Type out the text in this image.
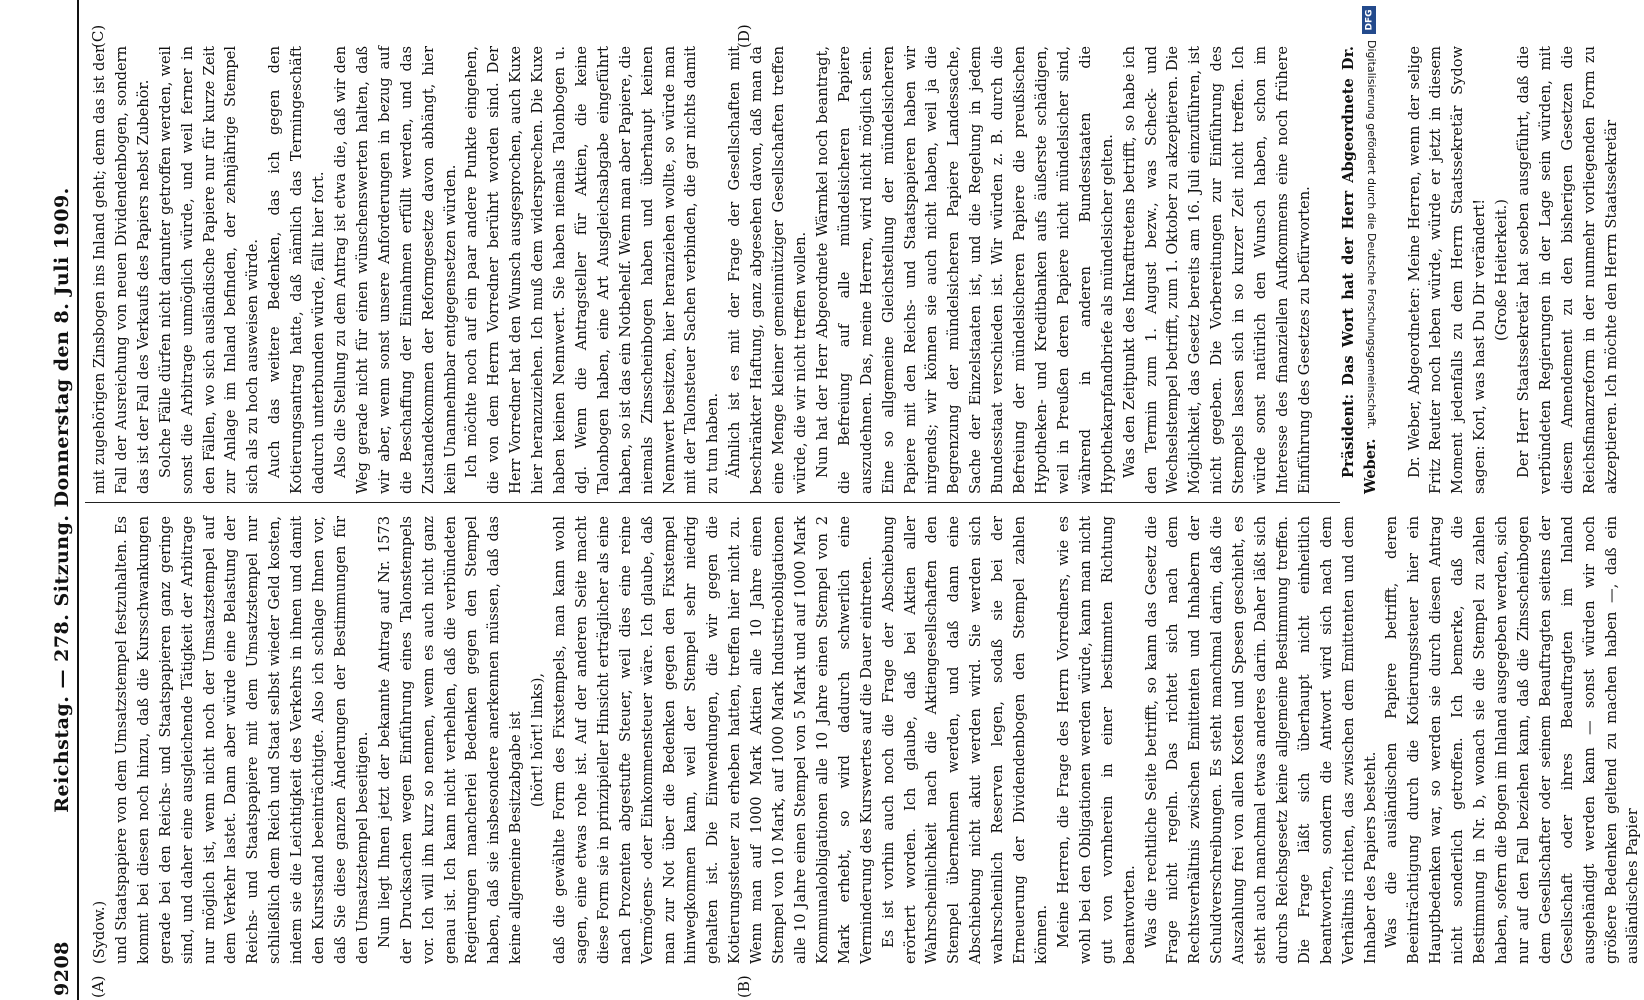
9208
Reichstag. — 278. Sitzung. Donnerstag den 8. Juli 1909.
(A)	(B)
(C)	(D)

(Sydow.) und Staatspapiere von dem Umsatzstempel festzuhalten. Es kommt bei diesen noch hinzu, daß die Kursschwankungen gerade bei den Reichs- und Staatspapieren ganz geringe sind, und daher eine ausgleichende Tätigkeit der Arbitrage nur möglich ist, wenn nicht noch der Umsatzstempel auf dem Verkehr lastet. Dann aber würde eine Belastung der Reichs- und Staatspapiere mit dem Umsatzstempel nur schließlich dem Reich und Staat selbst wieder Geld kosten, indem sie die Leichtigkeit des Verkehrs in ihnen und damit den Kursstand beeinträchtigte. Also ich schlage Ihnen vor, daß Sie diese ganzen Änderungen der Bestimmungen für den Umsatzstempel beseitigen. Nun liegt Ihnen jetzt der bekannte Antrag auf Nr. 1573 der Drucksachen wegen Einführung eines Talonstempels vor. Ich will ihn kurz so nennen, wenn es auch nicht ganz genau ist. Ich kann nicht verhehlen, daß die verbündeten Regierungen mancherlei Bedenken gegen den Stempel haben, daß sie insbesondere anerkennen müssen, daß das keine allgemeine Besitzabgabe ist (hört! hört! links), daß die gewählte Form des Fixstempels, man kann wohl sagen, eine etwas rohe ist. Auf der anderen Seite macht diese Form sie in prinzipieller Hinsicht erträglicher als eine nach Prozenten abgestufte Steuer, weil dies eine reine Vermögens- oder Einkommensteuer wäre. Ich glaube, daß man zur Not über die Bedenken gegen den Fixstempel hinwegkommen kann, weil der Stempel sehr niedrig gehalten ist. Die Einwendungen, die wir gegen die Kotierungssteuer zu erheben hatten, treffen hier nicht zu. Wenn man auf 1000 Mark Aktien alle 10 Jahre einen Stempel von 10 Mark, auf 1000 Mark Industrieobligationen alle 10 Jahre einen Stempel von 5 Mark und auf 1000 Mark Kommunalobligationen alle 10 Jahre einen Stempel von 2 Mark erhebt, so wird dadurch schwerlich eine Verminderung des Kurswertes auf die Dauer eintreten. Es ist vorhin auch noch die Frage der Abschiebung erörtert worden. Ich glaube, daß bei Aktien aller Wahrscheinlichkeit nach die Aktiengesellschaften den Stempel übernehmen werden, und daß dann eine Abschiebung nicht akut werden wird. Sie werden sich wahrscheinlich Reserven legen, sodaß sie bei der Erneuerung der Dividendenbogen den Stempel zahlen können. Meine Herren, die Frage des Herrn Vorredners, wie es wohl bei den Obligationen werden würde, kann man nicht gut von vornherein in einer bestimmten Richtung beantworten. Was die rechtliche Seite betrifft, so kann das Gesetz die Frage nicht regeln. Das richtet sich nach dem Rechtsverhältnis zwischen Emittenten und Inhabern der Schuldverschreibungen. Es steht manchmal darin, daß die Auszahlung frei von allen Kosten und Spesen geschieht, es steht auch manchmal etwas anderes darin. Daher läßt sich durchs Reichsgesetz keine allgemeine Bestimmung treffen. Die Frage läßt sich überhaupt nicht einheitlich beantworten, sondern die Antwort wird sich nach dem Verhältnis richten, das zwischen dem Emittenten und dem Inhaber des Papiers besteht. Was die ausländischen Papiere betrifft, deren Beeinträchtigung durch die Kotierungssteuer hier ein Hauptbedenken war, so werden sie durch diesen Antrag nicht sonderlich getroffen. Ich bemerke, daß die Bestimmung in Nr. b, wonach sie die Stempel zu zahlen haben, sofern die Bogen im Inland ausgegeben werden, sich nur auf den Fall beziehen kann, daß die Zinsscheinbogen dem Gesellschafter oder seinem Beauftragten seitens der Gesellschaft oder ihres Beauftragten im Inland ausgehändigt werden kann — sonst würden wir noch größere Bedenken geltend zu machen haben —, daß ein ausländisches Papier

mit zugehörigen Zinsbogen ins Inland geht; denn das ist der Fall der Ausreichung von neuen Dividendenbogen, sondern das ist der Fall des Verkaufs des Papiers nebst Zubehör. Solche Fälle dürfen nicht darunter getroffen werden, weil sonst die Arbitrage unmöglich würde, und weil ferner in den Fällen, wo sich ausländische Papiere nur für kurze Zeit zur Anlage im Inland befinden, der zehnjährige Stempel sich als zu hoch ausweisen würde. Auch das weitere Bedenken, das ich gegen den Kotierungsantrag hatte, daß nämlich das Termingeschäft dadurch unterbunden würde, fällt hier fort. Also die Stellung zu dem Antrag ist etwa die, daß wir den Weg gerade nicht für einen wünschenswerten halten, daß wir aber, wenn sonst unsere Anforderungen in bezug auf die Beschaffung der Einnahmen erfüllt werden, und das Zustandekommen der Reformgesetze davon abhängt, hier kein Unannehmbar entgegensetzen würden. Ich möchte noch auf ein paar andere Punkte eingehen, die von dem Herrn Vorredner berührt worden sind. Der Herr Vorredner hat den Wunsch ausgesprochen, auch Kuxe hier heranzuziehen. Ich muß dem widersprechen. Die Kuxe haben keinen Nennwert. Sie haben niemals Talonbogen u. dgl. Wenn die Antragsteller für Aktien, die keine Talonbogen haben, eine Art Ausgleichsabgabe eingeführt haben, so ist das ein Notbehelf. Wenn man aber Papiere, die niemals Zinsscheinbogen haben und überhaupt keinen Nennwert besitzen, hier heranziehen wollte, so würde man mit der Talonsteuer Sachen verbinden, die gar nichts damit zu tun haben. Ähnlich ist es mit der Frage der Gesellschaften mit beschränkter Haftung, ganz abgesehen davon, daß man da eine Menge kleiner gemeinnütziger Gesellschaften treffen würde, die wir nicht treffen wollen. Nun hat der Herr Abgeordnete Wärmkel noch beantragt, die Befreiung auf alle mündelsicheren Papiere auszudehnen. Das, meine Herren, wird nicht möglich sein. Eine so allgemeine Gleichstellung der mündelsicheren Papiere mit den Reichs- und Staatspapieren haben wir nirgends; wir können sie auch nicht haben, weil ja die Begrenzung der mündelsicheren Papiere Landessache, Sache der Einzelstaaten ist, und die Regelung in jedem Bundesstaat verschieden ist. Wir würden z. B. durch die Befreiung der mündelsicheren Papiere die preußischen Hypotheken- und Kreditbanken aufs äußerste schädigen, weil in Preußen deren Papiere nicht mündelsicher sind, während in anderen Bundesstaaten die Hypothekarpfandbriefe als mündelsicher gelten. Was den Zeitpunkt des Inkrafttretens betrifft, so habe ich den Termin zum 1. August bezw., was Scheck- und Wechselstempel betrifft, zum 1. Oktober zu akzeptieren. Die Möglichkeit, das Gesetz bereits am 16. Juli einzuführen, ist nicht gegeben. Die Vorbereitungen zur Einführung des Stempels lassen sich in so kurzer Zeit nicht treffen. Ich würde sonst natürlich den Wunsch haben, schon im Interesse des finanziellen Aufkommens eine noch frühere Einführung des Gesetzes zu befürworten. Präsident: Das Wort hat der Herr Abgeordnete Dr. Weber. Dr. Weber, Abgeordneter: Meine Herren, wenn der selige Fritz Reuter noch leben würde, würde er jetzt in diesem Moment jedenfalls zu dem Herrn Staatssekretär Sydow sagen: Korl, was hast Du Dir verändert! (Große Heiterkeit.) Der Herr Staatssekretär hat soeben ausgeführt, daß die verbündeten Regierungen in der Lage sein würden, mit diesem Amendement zu den bisherigen Gesetzen die Reichsfinanzreform in der nunmehr vorliegenden Form zu akzeptieren. Ich möchte den Herrn Staatssekretär

DFG
Digitalisierung gefördert durch die Deutsche Forschungsgemeinschaft.
